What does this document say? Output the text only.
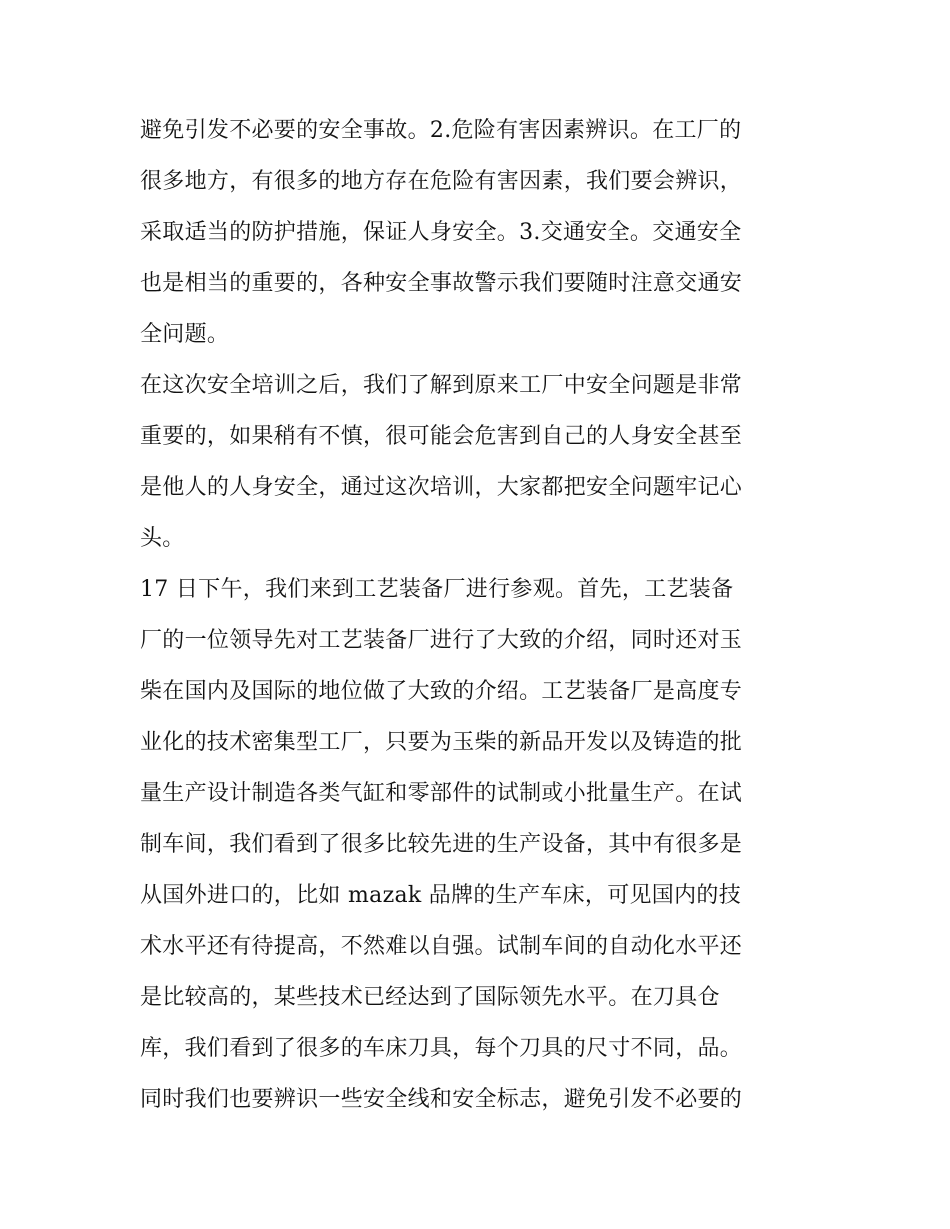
避免引发不必要的安全事故。2.危险有害因素辨识。在工厂的
很多地方，有很多的地方存在危险有害因素，我们要会辨识，
采取适当的防护措施，保证人身安全。3.交通安全。交通安全
也是相当的重要的，各种安全事故警示我们要随时注意交通安
全问题。
在这次安全培训之后，我们了解到原来工厂中安全问题是非常
重要的，如果稍有不慎，很可能会危害到自己的人身安全甚至
是他人的人身安全，通过这次培训，大家都把安全问题牢记心
头。
17 日下午，我们来到工艺装备厂进行参观。首先，工艺装备
厂的一位领导先对工艺装备厂进行了大致的介绍，同时还对玉
柴在国内及国际的地位做了大致的介绍。工艺装备厂是高度专
业化的技术密集型工厂，只要为玉柴的新品开发以及铸造的批
量生产设计制造各类气缸和零部件的试制或小批量生产。在试
制车间，我们看到了很多比较先进的生产设备，其中有很多是
从国外进口的，比如 mazak 品牌的生产车床，可见国内的技
术水平还有待提高，不然难以自强。试制车间的自动化水平还
是比较高的，某些技术已经达到了国际领先水平。在刀具仓
库，我们看到了很多的车床刀具，每个刀具的尺寸不同，品。
同时我们也要辨识一些安全线和安全标志，避免引发不必要的
